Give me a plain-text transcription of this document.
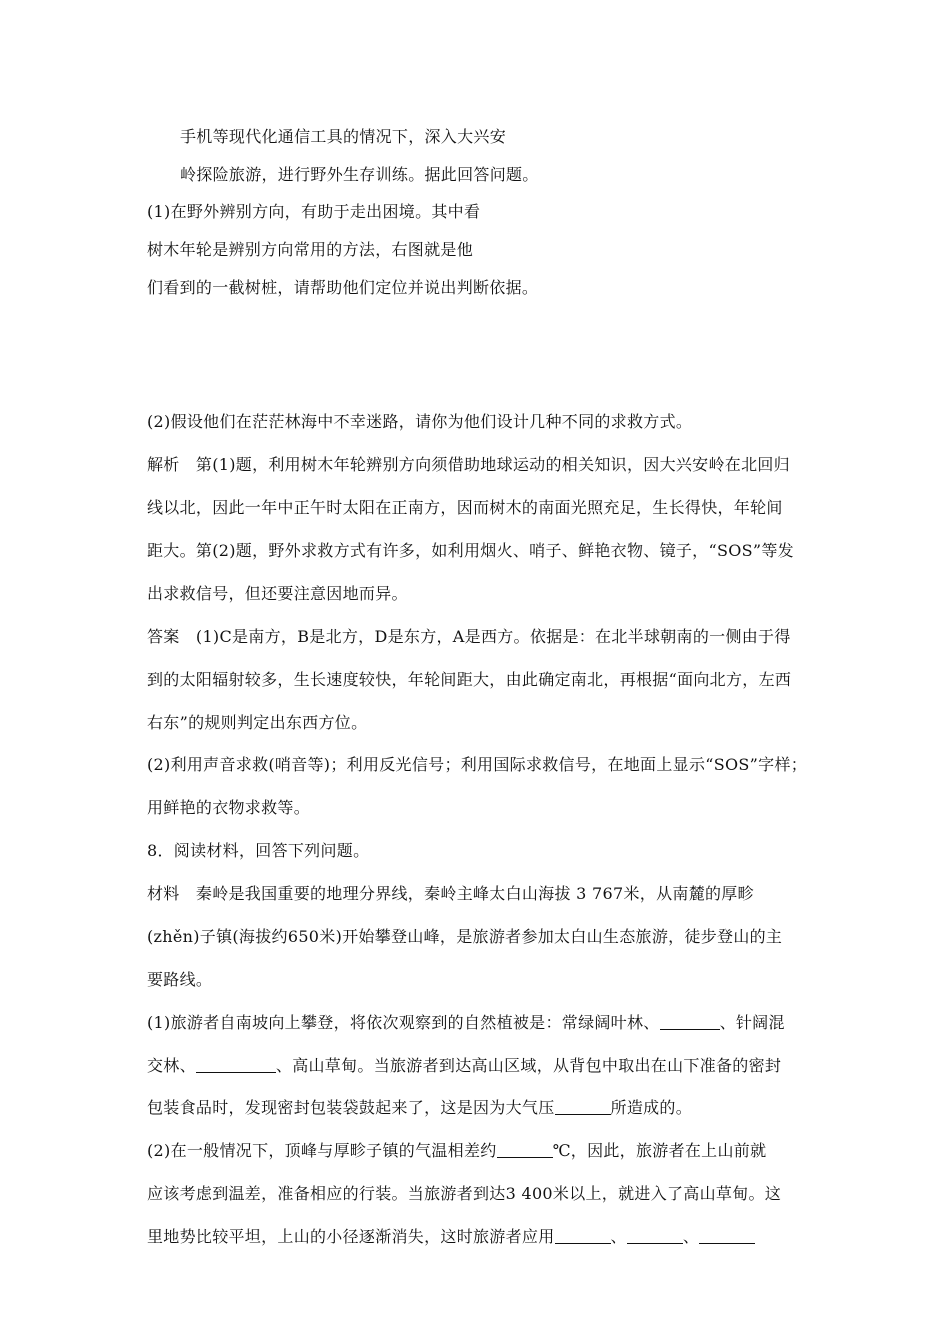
手机等现代化通信工具的情况下，深入大兴安
岭探险旅游，进行野外生存训练。据此回答问题。
(1)在野外辨别方向，有助于走出困境。其中看
树木年轮是辨别方向常用的方法，右图就是他
们看到的一截树桩，请帮助他们定位并说出判断依据。
(2)假设他们在茫茫林海中不幸迷路，请你为他们设计几种不同的求救方式。
解析　第(1)题，利用树木年轮辨别方向须借助地球运动的相关知识，因大兴安岭在北回归
线以北，因此一年中正午时太阳在正南方，因而树木的南面光照充足，生长得快，年轮间
距大。第(2)题，野外求救方式有许多，如利用烟火、哨子、鲜艳衣物、镜子，“SOS”等发
出求救信号，但还要注意因地而异。
答案　(1)C是南方，B是北方，D是东方，A是西方。依据是：在北半球朝南的一侧由于得
到的太阳辐射较多，生长速度较快，年轮间距大，由此确定南北，再根据“面向北方，左西
右东”的规则判定出东西方位。
(2)利用声音求救(哨音等)；利用反光信号；利用国际求救信号，在地面上显示“SOS”字样；
用鲜艳的衣物求救等。
8．阅读材料，回答下列问题。
材料　秦岭是我国重要的地理分界线，秦岭主峰太白山海拔 3 767米，从南麓的厚畛
(zhěn)子镇(海拔约650米)开始攀登山峰，是旅游者参加太白山生态旅游，徒步登山的主
要路线。
(1)旅游者自南坡向上攀登，将依次观察到的自然植被是：常绿阔叶林、	、针阔混
交林、	、高山草甸。当旅游者到达高山区域，从背包中取出在山下准备的密封
包装食品时，发现密封包装袋鼓起来了，这是因为大气压	所造成的。
(2)在一般情况下，顶峰与厚畛子镇的气温相差约	℃，因此，旅游者在上山前就
应该考虑到温差，准备相应的行装。当旅游者到达3 400米以上，就进入了高山草甸。这
里地势比较平坦，上山的小径逐渐消失，这时旅游者应用	、	、
